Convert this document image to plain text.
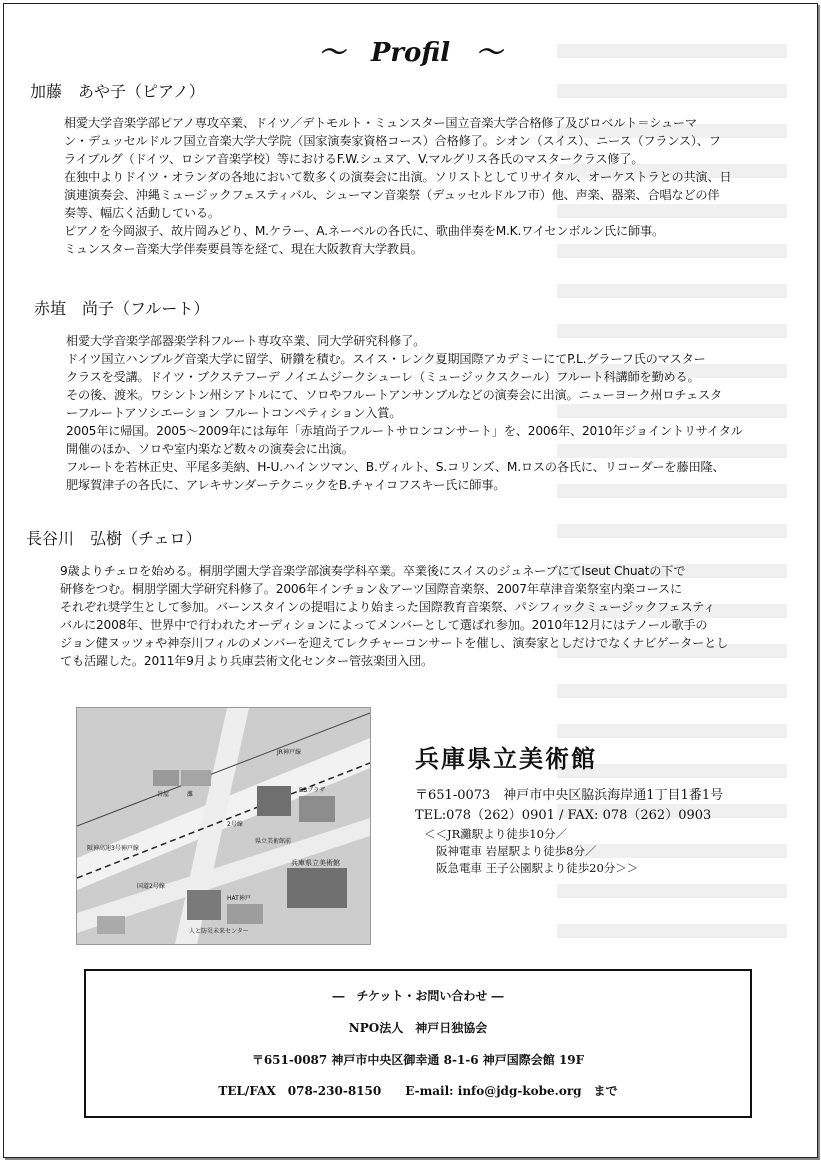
～　Profil　～
加藤　あや子（ピアノ）
相愛大学音楽学部ピアノ専攻卒業、ドイツ／デトモルト・ミュンスター国立音楽大学合格修了及びロベルト＝シューマ
ン・デュッセルドルフ国立音楽大学大学院（国家演奏家資格コース）合格修了。シオン（スイス）、ニース（フランス）、フ
ライブルグ（ドイツ、ロシア音楽学校）等におけるF.W.シュヌア、V.マルグリス各氏のマスタークラス修了。
在独中よりドイツ・オランダの各地において数多くの演奏会に出演。ソリストとしてリサイタル、オーケストラとの共演、日
演連演奏会、沖縄ミュージックフェスティバル、シューマン音楽祭（デュッセルドルフ市）他、声楽、器楽、合唱などの伴
奏等、幅広く活動している。
ピアノを今岡淑子、故片岡みどり、M.ケラー、A.ネーベルの各氏に、歌曲伴奏をM.K.ワイセンボルン氏に師事。
ミュンスター音楽大学伴奏要員等を経て、現在大阪教育大学教員。
赤埴　尚子（フルート）
相愛大学音楽学部器楽学科フルート専攻卒業、同大学研究科修了。
ドイツ国立ハンブルグ音楽大学に留学、研鑽を積む。スイス・レンク夏期国際アカデミーにてP.L.グラーフ氏のマスター
クラスを受講。ドイツ・ブクステフーデ ノイエムジークシューレ（ミュージックスクール）フルート科講師を勤める。
その後、渡米。ワシントン州シアトルにて、ソロやフルートアンサンブルなどの演奏会に出演。ニューヨーク州ロチェスタ
ーフルートアソシエーション フルートコンペティション入賞。
2005年に帰国。2005～2009年には毎年「赤埴尚子フルートサロンコンサート」を、2006年、2010年ジョイントリサイタル
開催のほか、ソロや室内楽など数々の演奏会に出演。
フルートを若林正史、平尾多美納、H-U.ハインツマン、B.ヴィルト、S.コリンズ、M.ロスの各氏に、リコーダーを藤田隆、
肥塚賀津子の各氏に、アレキサンダーテクニックをB.チャイコフスキー氏に師事。
長谷川　弘樹（チェロ）
9歳よりチェロを始める。桐朋学園大学音楽学部演奏学科卒業。卒業後にスイスのジュネーブにてIseut Chuatの下で
研修をつむ。桐朋学園大学研究科修了。2006年インチョン＆アーツ国際音楽祭、2007年草津音楽祭室内楽コースに
それぞれ奨学生として参加。バーンスタインの提唱により始まった国際教育音楽祭、パシフィックミュージックフェスティ
バルに2008年、世界中で行われたオーディションによってメンバーとして選ばれ参加。2010年12月にはテノール歌手の
ジョン健ヌッツォや神奈川フィルのメンバーを迎えてレクチャーコンサートを催し、演奏家としだけでなくナビゲーターとし
ても活躍した。2011年9月より兵庫芸術文化センター管弦楽団入団。
兵庫県立美術館
2号線
国道2号線
阪神高速3号神戸線
HAT神戸
人と防災未来センター
岩屋	灘
JR神戸線
BBプラザ
県立美術館前
兵庫県立美術館
〒651-0073　神戸市中央区脇浜海岸通1丁目1番1号
TEL:078（262）0901 / FAX: 078（262）0903
＜＜JR灘駅より徒歩10分／
阪神電車 岩屋駅より徒歩8分／
阪急電車 王子公園駅より徒歩20分＞＞
―　チケット・お問い合わせ ―
NPO法人　神戸日独協会
〒651-0087 神戸市中央区御幸通 8-1-6 神戸国際会館 19F
TEL/FAX　078-230-8150　　E-mail: info@jdg-kobe.org　まで
